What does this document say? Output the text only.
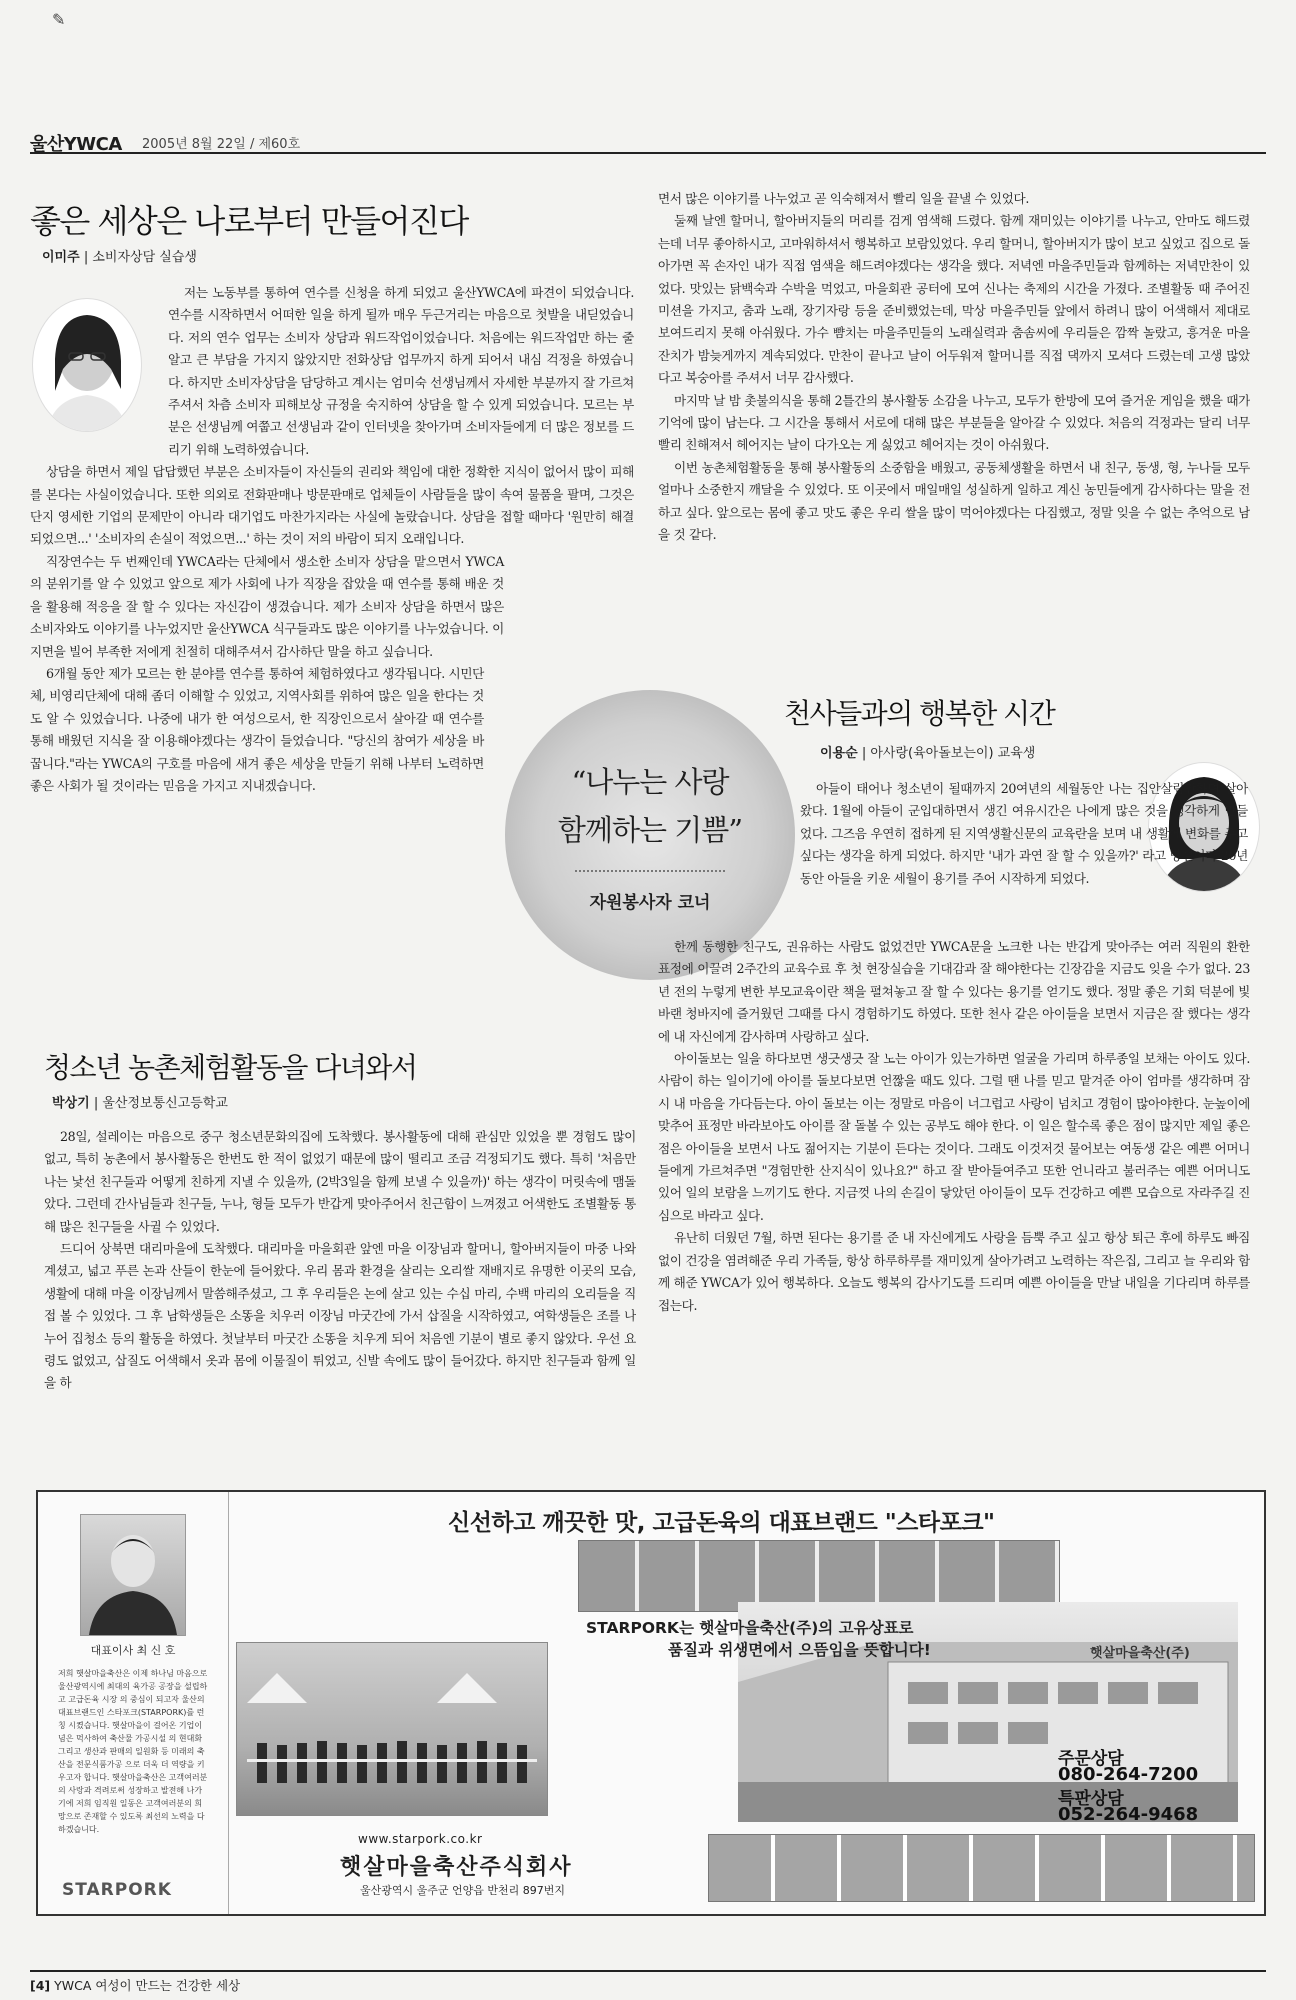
✎
울산YWCA 2005년 8월 22일 / 제60호
좋은 세상은 나로부터 만들어진다
이미주 | 소비자상담 실습생

저는 노동부를 통하여 연수를 신청을 하게 되었고 울산YWCA에 파견이 되었습니다. 연수를 시작하면서 어떠한 일을 하게 될까 매우 두근거리는 마음으로 첫발을 내딛었습니다. 저의 연수 업무는 소비자 상담과 워드작업이었습니다. 처음에는 워드작업만 하는 줄 알고 큰 부담을 가지지 않았지만 전화상담 업무까지 하게 되어서 내심 걱정을 하였습니다. 하지만 소비자상담을 담당하고 계시는 엄미숙 선생님께서 자세한 부분까지 잘 가르쳐주셔서 차츰 소비자 피해보상 규정을 숙지하여 상담을 할 수 있게 되었습니다. 모르는 부분은 선생님께 여쭙고 선생님과 같이 인터넷을 찾아가며 소비자들에게 더 많은 정보를 드리기 위해 노력하였습니다.

상담을 하면서 제일 답답했던 부분은 소비자들이 자신들의 권리와 책임에 대한 정확한 지식이 없어서 많이 피해를 본다는 사실이었습니다. 또한 의외로 전화판매나 방문판매로 업체들이 사람들을 많이 속여 물품을 팔며, 그것은 단지 영세한 기업의 문제만이 아니라 대기업도 마찬가지라는 사실에 놀랐습니다. 상담을 접할 때마다 '원만히 해결되었으면...' '소비자의 손실이 적었으면...' 하는 것이 저의 바람이 되지 오래입니다.

직장연수는 두 번째인데 YWCA라는 단체에서 생소한 소비자 상담을 맡으면서 YWCA의 분위기를 알 수 있었고 앞으로 제가 사회에 나가 직장을 잡았을 때 연수를 통해 배운 것을 활용해 적응을 잘 할 수 있다는 자신감이 생겼습니다. 제가 소비자 상담을 하면서 많은 소비자와도 이야기를 나누었지만 울산YWCA 식구들과도 많은 이야기를 나누었습니다. 이 지면을 빌어 부족한 저에게 친절히 대해주셔서 감사하단 말을 하고 싶습니다.

6개월 동안 제가 모르는 한 분야를 연수를 통하여 체험하였다고 생각됩니다. 시민단체, 비영리단체에 대해 좀더 이해할 수 있었고, 지역사회를 위하여 많은 일을 한다는 것도 알 수 있었습니다. 나중에 내가 한 여성으로서, 한 직장인으로서 살아갈 때 연수를 통해 배웠던 지식을 잘 이용해야겠다는 생각이 들었습니다. "당신의 참여가 세상을 바꿉니다."라는 YWCA의 구호를 마음에 새겨 좋은 세상을 만들기 위해 나부터 노력하면 좋은 사회가 될 것이라는 믿음을 가지고 지내겠습니다.

청소년 농촌체험활동을 다녀와서
박상기 | 울산정보통신고등학교

28일, 설레이는 마음으로 중구 청소년문화의집에 도착했다. 봉사활동에 대해 관심만 있었을 뿐 경험도 많이 없고, 특히 농촌에서 봉사활동은 한번도 한 적이 없었기 때문에 많이 떨리고 조금 걱정되기도 했다. 특히 '처음만나는 낯선 친구들과 어떻게 친하게 지낼 수 있을까, (2박3일을 함께 보낼 수 있을까)' 하는 생각이 머릿속에 맴돌았다. 그런데 간사님들과 친구들, 누나, 형들 모두가 반갑게 맞아주어서 친근함이 느껴졌고 어색한도 조별활동 통해 많은 친구들을 사귈 수 있었다.

드디어 상북면 대리마을에 도착했다. 대리마을 마을회관 앞엔 마을 이장님과 할머니, 할아버지들이 마중 나와 계셨고, 넓고 푸른 논과 산들이 한눈에 들어왔다. 우리 몸과 환경을 살리는 오리쌀 재배지로 유명한 이곳의 모습, 생활에 대해 마을 이장님께서 말씀해주셨고, 그 후 우리들은 논에 살고 있는 수십 마리, 수백 마리의 오리들을 직접 볼 수 있었다. 그 후 남학생들은 소똥을 치우러 이장님 마굿간에 가서 삽질을 시작하였고, 여학생들은 조를 나누어 집청소 등의 활동을 하였다. 첫날부터 마굿간 소똥을 치우게 되어 처음엔 기분이 별로 좋지 않았다. 우선 요령도 없었고, 삽질도 어색해서 옷과 몸에 이물질이 튀었고, 신발 속에도 많이 들어갔다. 하지만 친구들과 함께 일을 하

면서 많은 이야기를 나누었고 곧 익숙해져서 빨리 일을 끝낼 수 있었다.

둘째 날엔 할머니, 할아버지들의 머리를 검게 염색해 드렸다. 함께 재미있는 이야기를 나누고, 안마도 해드렸는데 너무 좋아하시고, 고마워하셔서 행복하고 보람있었다. 우리 할머니, 할아버지가 많이 보고 싶었고 집으로 돌아가면 꼭 손자인 내가 직접 염색을 해드려야겠다는 생각을 했다. 저녁엔 마을주민들과 함께하는 저녁만찬이 있었다. 맛있는 닭백숙과 수박을 먹었고, 마을회관 공터에 모여 신나는 축제의 시간을 가졌다. 조별활동 때 주어진 미션을 가지고, 춤과 노래, 장기자랑 등을 준비했었는데, 막상 마을주민들 앞에서 하려니 많이 어색해서 제대로 보여드리지 못해 아쉬웠다. 가수 뺨치는 마을주민들의 노래실력과 춤솜씨에 우리들은 깜짝 놀랐고, 흥겨운 마을잔치가 밤늦게까지 계속되었다. 만찬이 끝나고 날이 어두워져 할머니를 직접 댁까지 모셔다 드렸는데 고생 많았다고 복숭아를 주셔서 너무 감사했다.

마지막 날 밤 촛불의식을 통해 2틀간의 봉사활동 소감을 나누고, 모두가 한방에 모여 즐거운 게임을 했을 때가 기억에 많이 남는다. 그 시간을 통해서 서로에 대해 많은 부분들을 알아갈 수 있었다. 처음의 걱정과는 달리 너무 빨리 친해져서 헤어지는 날이 다가오는 게 싫었고 헤어지는 것이 아쉬웠다.

이번 농촌체험활동을 통해 봉사활동의 소중함을 배웠고, 공동체생활을 하면서 내 친구, 동생, 형, 누나들 모두 얼마나 소중한지 깨달을 수 있었다. 또 이곳에서 매일매일 성실하게 일하고 계신 농민들에게 감사하다는 말을 전하고 싶다. 앞으로는 몸에 좋고 맛도 좋은 우리 쌀을 많이 먹어야겠다는 다짐했고, 정말 잊을 수 없는 추억으로 남을 것 같다.

“나누는 사랑
함께하는 기쁨”
자원봉사자 코너
천사들과의 행복한 시간
이용순 | 아사랑(육아돌보는이) 교육생

아들이 태어나 청소년이 될때까지 20여년의 세월동안 나는 집안살림만하며 살아왔다. 1월에 아들이 군입대하면서 생긴 여유시간은 나에게 많은 것을 생각하게 만들었다. 그즈음 우연히 접하게 된 지역생활신문의 교육란을 보며 내 생활에 변화를 주고 싶다는 생각을 하게 되었다. 하지만 '내가 과연 잘 할 수 있을까?' 라고 망설이다 20년동안 아들을 키운 세월이 용기를 주어 시작하게 되었다.

한께 동행한 친구도, 권유하는 사람도 없었건만 YWCA문을 노크한 나는 반갑게 맞아주는 여러 직원의 환한 표정에 이끌려 2주간의 교육수료 후 첫 현장실습을 기대감과 잘 해야한다는 긴장감을 지금도 잊을 수가 없다. 23년 전의 누렇게 변한 부모교육이란 책을 펼쳐놓고 잘 할 수 있다는 용기를 얻기도 했다. 정말 좋은 기회 덕분에 빛바랜 청바지에 즐거웠던 그때를 다시 경험하기도 하였다. 또한 천사 같은 아이들을 보면서 지금은 잘 했다는 생각에 내 자신에게 감사하며 사랑하고 싶다.

아이돌보는 일을 하다보면 생긋생긋 잘 노는 아이가 있는가하면 얼굴을 가리며 하루종일 보채는 아이도 있다. 사람이 하는 일이기에 아이를 돌보다보면 언짢을 때도 있다. 그럴 땐 나를 믿고 맡겨준 아이 엄마를 생각하며 잠시 내 마음을 가다듬는다. 아이 돌보는 이는 정말로 마음이 너그럽고 사랑이 넘치고 경험이 많아야한다. 눈높이에 맞추어 표정만 바라보아도 아이를 잘 돌볼 수 있는 공부도 해야 한다. 이 일은 할수록 좋은 점이 많지만 제일 좋은 점은 아이들을 보면서 나도 젊어지는 기분이 든다는 것이다. 그래도 이것저것 물어보는 여동생 같은 예쁜 어머니들에게 가르쳐주면 "경험만한 산지식이 있나요?" 하고 잘 받아들여주고 또한 언니라고 불러주는 예쁜 어머니도 있어 일의 보람을 느끼기도 한다. 지금껏 나의 손길이 닿았던 아이들이 모두 건강하고 예쁜 모습으로 자라주길 진심으로 바라고 싶다.

유난히 더웠던 7월, 하면 된다는 용기를 준 내 자신에게도 사랑을 듬뿍 주고 싶고 항상 퇴근 후에 하루도 빠짐없이 건강을 염려해준 우리 가족들, 항상 하루하루를 재미있게 살아가려고 노력하는 작은집, 그리고 늘 우리와 함께 해준 YWCA가 있어 행복하다. 오늘도 행복의 감사기도를 드리며 예쁜 아이들을 만날 내일을 기다리며 하루를 접는다.

대표이사 최 신 호
저희 햇살마을축산은 이제 하나님 마음으로 울산광역시에 최대의 육가공 공장을 설립하고 고급돈육 시장 의 중심이 되고자 울산의 대표브랜드인 스타포크(STARPORK)를 런칭 시켰습니다. 햇살마을이 걸어온 기업이념은 먹사하여 축산물 가공시설 의 현대화 그리고 생산과 판매의 일원화 등 미래의 축산을 전문식품가공 으로 더욱 더 역량을 키우고자 합니다. 햇살마을축산은 고객여러분의 사랑과 격려로써 성장하고 발전해 나가기에 저희 임직원 일동은 고객여러분의 희망으로 존재할 수 있도록 최선의 노력을 다하겠습니다.
STARPORK
신선하고 깨끗한 맛, 고급돈육의 대표브랜드 "스타포크"
STARPORK는 햇살마을축산(주)의 고유상표로
품질과 위생면에서 으뜸임을 뜻합니다!	햇살마을축산(주)
주문상담
080-264-7200
특판상담
052-264-9468
www.starpork.co.kr
햇살마을축산주식회사
울산광역시 울주군 언양읍 반천리 897번지
[4] YWCA 여성이 만드는 건강한 세상
